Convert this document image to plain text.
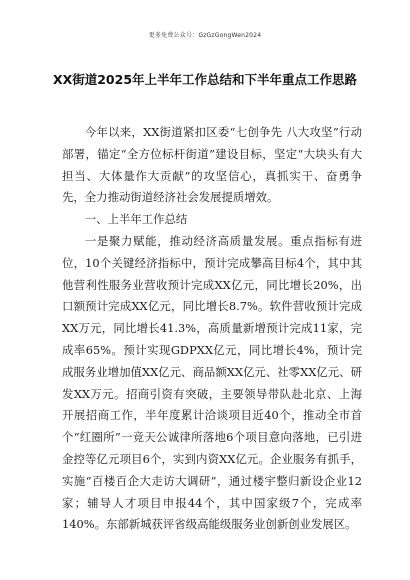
更多免费公众号：GzGzGongWen2024
XX街道2025年上半年工作总结和下半年重点工作思路

今年以来，XX街道紧扣区委“七创争先 八大攻坚”行动部署，锚定“全方位标杆街道”建设目标，坚定“大块头有大担当、大体量作大贡献”的攻坚信心，真抓实干、奋勇争先，全力推动街道经济社会发展提质增效。

一、上半年工作总结

一是聚力赋能，推动经济高质量发展。重点指标有进位，10个关键经济指标中，预计完成攀高目标4个，其中其他营利性服务业营收预计完成XX亿元，同比增长20%，出口额预计完成XX亿元，同比增长8.7%。软件营收预计完成XX万元，同比增长41.3%，高质量新增预计完成11家，完成率65%。预计实现GDPXX亿元，同比增长4%，预计完成服务业增加值XX亿元、商品额XX亿元、社零XX亿元、研发XX万元。招商引资有突破，主要领导带队赴北京、上海开展招商工作，半年度累计洽谈项目近40个，推动全市首个“红圈所”一竞天公诚律所落地6个项目意向落地，已引进金控等亿元项目6个，实到内资XX亿元。企业服务有抓手，实施“百楼百企大走访大调研”，通过楼宇整归新设企业12家；辅导人才项目申报44个，其中国家级7个，完成率140%。东部新城获评省级高能级服务业创新创业发展区。
